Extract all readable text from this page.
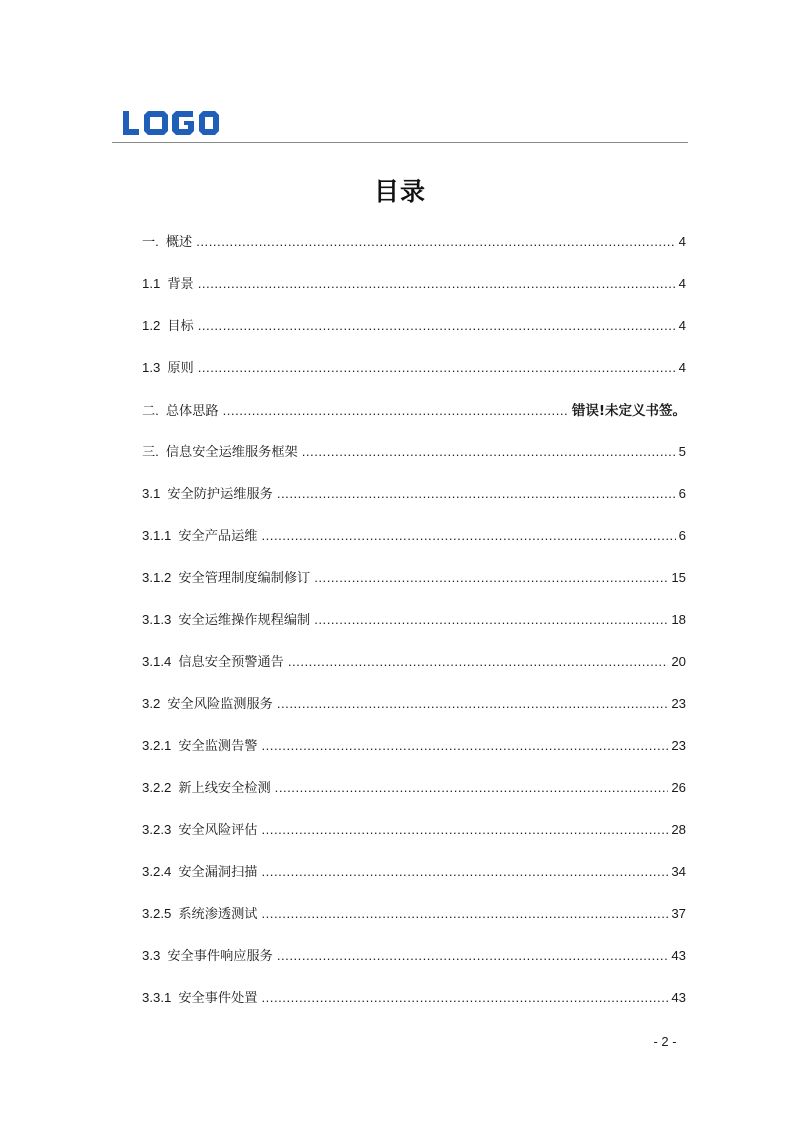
目录
一. 概述 .....	4
1.1 背景 .....	4
1.2 目标 .....	4
1.3 原则 .....	4
二. 总体思路 .....	错误!未定义书签。
三. 信息安全运维服务框架 .....	5
3.1 安全防护运维服务 .....	6
3.1.1 安全产品运维 .....	6
3.1.2 安全管理制度编制修订 .....	15
3.1.3 安全运维操作规程编制 .....	18
3.1.4 信息安全预警通告 .....	20
3.2 安全风险监测服务 .....	23
3.2.1 安全监测告警 .....	23
3.2.2 新上线安全检测 .....	26
3.2.3 安全风险评估 .....	28
3.2.4 安全漏洞扫描 .....	34
3.2.5 系统渗透测试 .....	37
3.3 安全事件响应服务 .....	43
3.3.1 安全事件处置 .....	43
- 2 -
